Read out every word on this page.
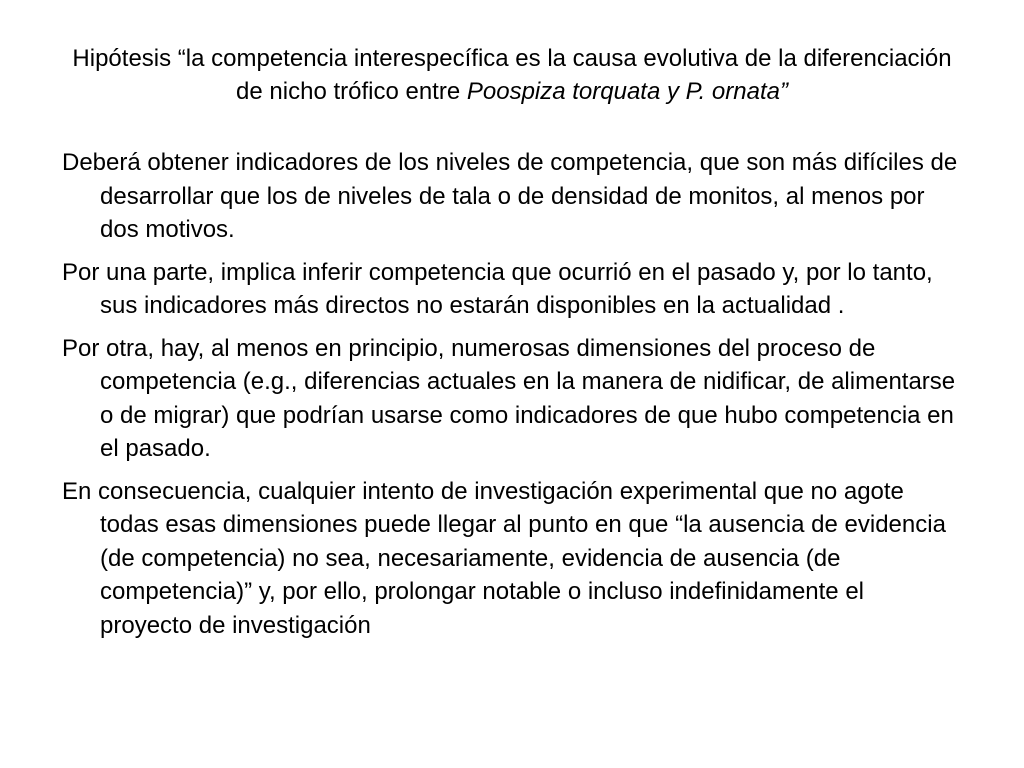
Hipótesis “la competencia interespecífica es la causa evolutiva de la diferenciación de nicho trófico entre Poospiza torquata y P. ornata”

Deberá obtener indicadores de los niveles de competencia, que son más difíciles de desarrollar que los de niveles de tala o de densidad de monitos, al menos por dos motivos.

Por una parte, implica inferir competencia que ocurrió en el pasado y, por lo tanto, sus indicadores más directos no estarán disponibles en la actualidad .

Por otra, hay, al menos en principio, numerosas dimensiones del proceso de competencia (e.g., diferencias actuales en la manera de nidificar, de alimentarse o de migrar) que podrían usarse como indicadores de que hubo competencia en el pasado.

En consecuencia, cualquier intento de investigación experimental que no agote todas esas dimensiones puede llegar al punto en que “la ausencia de evidencia (de competencia) no sea, necesariamente, evidencia de ausencia (de competencia)” y, por ello, prolongar notable o incluso indefinidamente el proyecto de investigación
